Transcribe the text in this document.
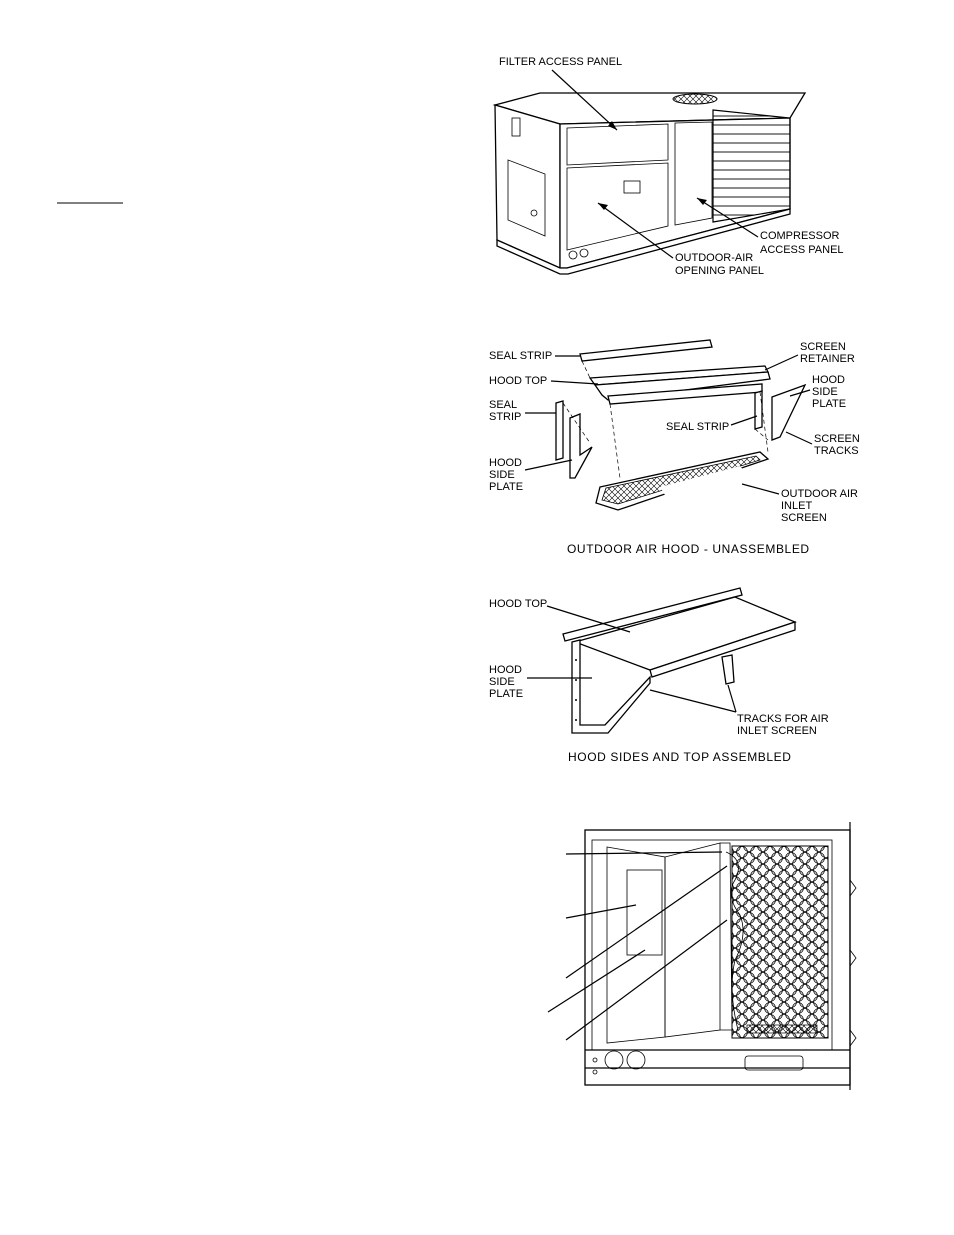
FILTER ACCESS PANEL
COMPRESSOR
ACCESS PANEL
OUTDOOR-AIR
OPENING PANEL
SEAL STRIP
HOOD TOP
SEAL
STRIP
HOOD
SIDE
PLATE
SCREEN
RETAINER
HOOD
SIDE
PLATE
SEAL STRIP
SCREEN
TRACKS
OUTDOOR AIR
INLET
SCREEN
OUTDOOR AIR HOOD - UNASSEMBLED
HOOD TOP
HOOD
SIDE
PLATE
TRACKS FOR AIR
INLET SCREEN
HOOD SIDES AND TOP ASSEMBLED
